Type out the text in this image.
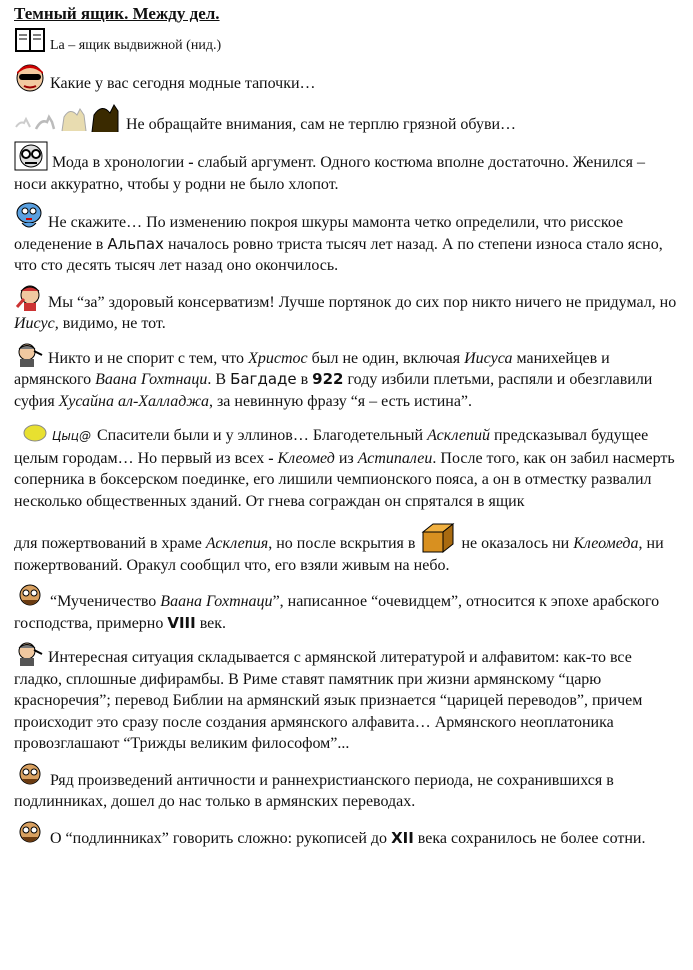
Темный ящик. Между дел.
La – ящик выдвижной (нид.)
Какие у вас сегодня модные тапочки…
Не обращайте внимания, сам не терплю грязной обуви…
Мода в хронологии - слабый аргумент. Одного костюма вполне достаточно. Женился – носи аккуратно, чтобы у родни не было хлопот.
Не скажите… По изменению покроя шкуры мамонта четко определили, что рисское оледенение в Альпах началось ровно триста тысяч лет назад. А по степени износа стало ясно, что сто десять тысяч лет назад оно окончилось.
Мы “за” здоровый консерватизм! Лучше портянок до сих пор никто ничего не придумал, но Иисус, видимо, не тот.
Никто и не спорит с тем, что Христос был не один, включая Иисуса манихейцев и армянского Ваана Гохтнаци. В Багдаде в 922 году избили плетьми, распяли и обезглавили суфия Хусайна ал-Халладжа, за невинную фразу “я – есть истина”.
Цыц@ Спасители были и у эллинов… Благодетельный Асклепий предсказывал будущее целым городам… Но первый из всех - Клеомед из Астипалеи. После того, как он забил насмерть соперника в боксерском поединке, его лишили чемпионского пояса, а он в отместку развалил несколько общественных зданий. От гнева сограждан он спрятался в ящик
для пожертвований в храме Асклепия, но после вскрытия в
не оказалось ни Клеомеда, ни пожертвований. Оракул сообщил что, его взяли живым на небо.
“Мученичество Ваана Гохтнаци”, написанное “очевидцем”, относится к эпохе арабского господства, примерно VIII век.
Интересная ситуация складывается с армянской литературой и алфавитом: как-то все гладко, сплошные дифирамбы. В Риме ставят памятник при жизни армянскому “царю красноречия”; перевод Библии на армянский язык признается “царицей переводов”, причем происходит это сразу после создания армянского алфавита… Армянского неоплатоника провозглашают “Трижды великим философом”...
Ряд произведений античности и раннехристианского периода, не сохранившихся в подлинниках, дошел до нас только в армянских переводах.
О “подлинниках” говорить сложно: рукописей до XII века сохранилось не более сотни.
